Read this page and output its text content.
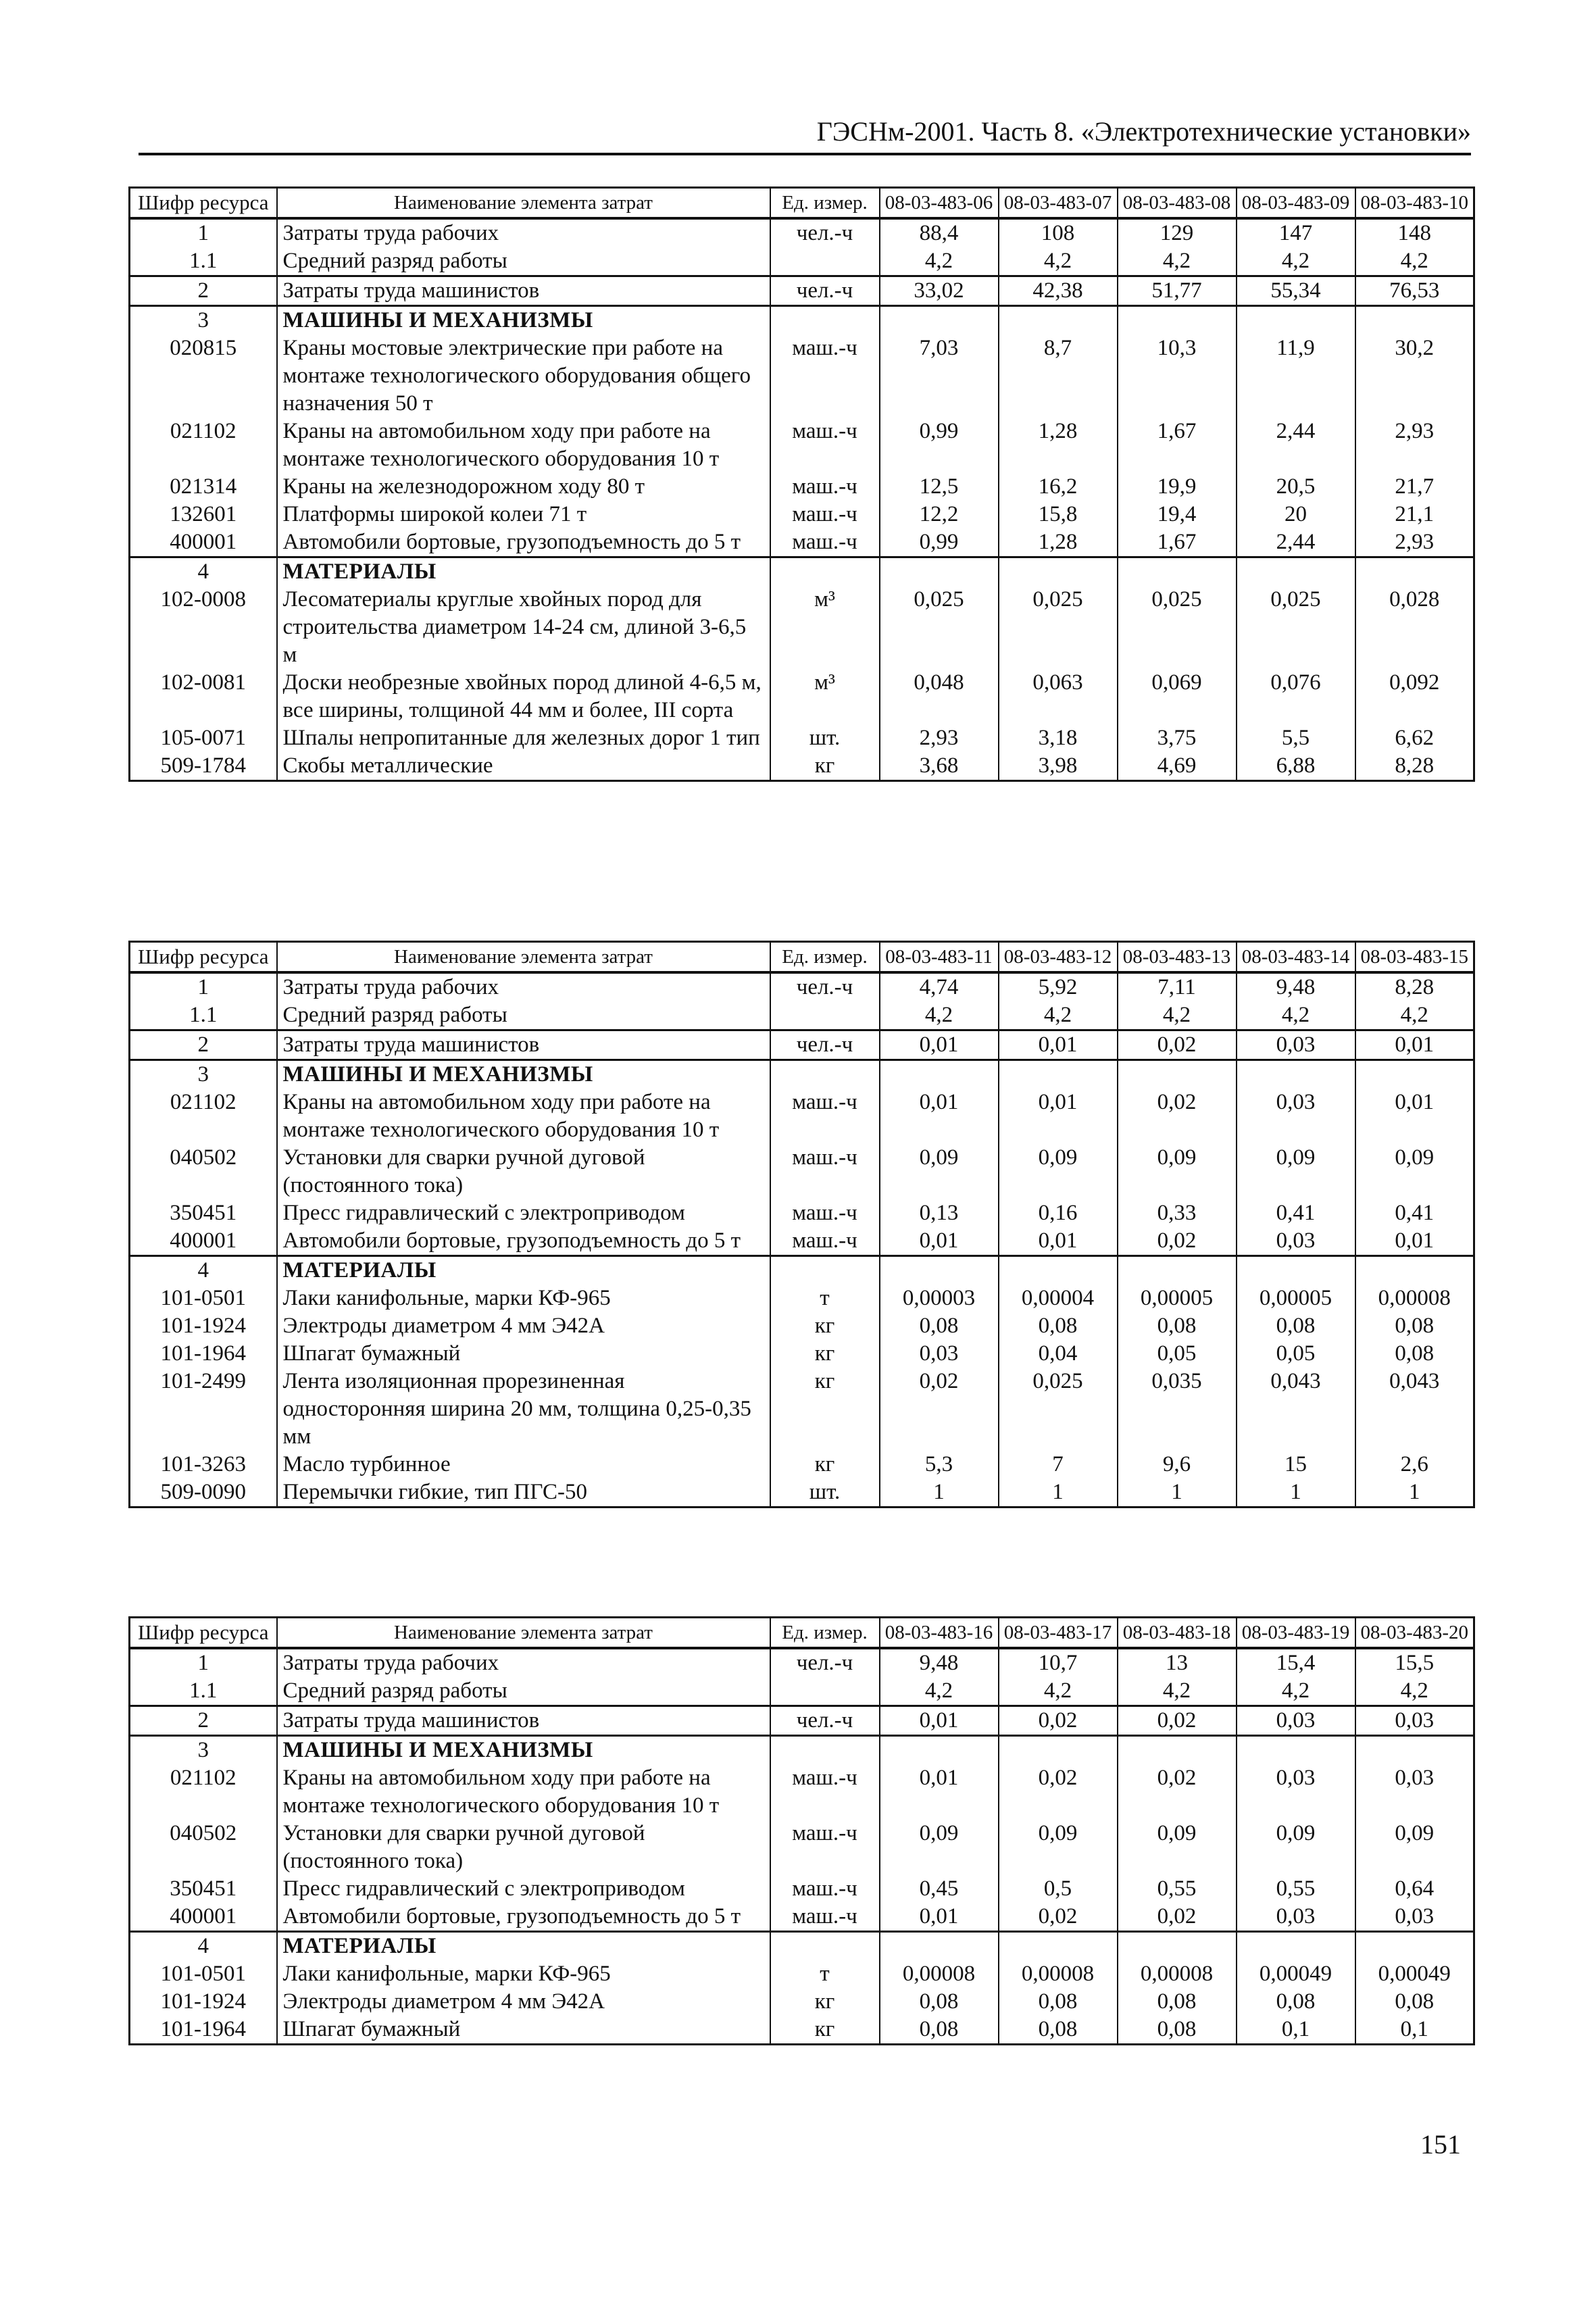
ГЭСНм-2001. Часть 8. «Электротехнические установки»
Шифр ресурса	Наименование элемента затрат	Ед. измер.	08-03-483-06	08-03-483-07	08-03-483-08	08-03-483-09	08-03-483-10
1	Затраты труда рабочих	чел.-ч	88,4	108	129	147	148
1.1	Средний разряд работы		4,2	4,2	4,2	4,2	4,2
2	Затраты труда машинистов	чел.-ч	33,02	42,38	51,77	55,34	76,53
3	МАШИНЫ И МЕХАНИЗМЫ						
020815	Краны мостовые электрические при работе на монтаже технологического оборудования общего назначения 50 т	маш.-ч	7,03	8,7	10,3	11,9	30,2
021102	Краны на автомобильном ходу при работе на монтаже технологического оборудования 10 т	маш.-ч	0,99	1,28	1,67	2,44	2,93
021314	Краны на железнодорожном ходу 80 т	маш.-ч	12,5	16,2	19,9	20,5	21,7
132601	Платформы широкой колеи 71 т	маш.-ч	12,2	15,8	19,4	20	21,1
400001	Автомобили бортовые, грузоподъемность до 5 т	маш.-ч	0,99	1,28	1,67	2,44	2,93
4	МАТЕРИАЛЫ						
102-0008	Лесоматериалы круглые хвойных пород для строительства диаметром 14-24 см, длиной 3-6,5 м	м³	0,025	0,025	0,025	0,025	0,028
102-0081	Доски необрезные хвойных пород длиной 4-6,5 м, все ширины, толщиной 44 мм и более, III сорта	м³	0,048	0,063	0,069	0,076	0,092
105-0071	Шпалы непропитанные для железных дорог 1 тип	шт.	2,93	3,18	3,75	5,5	6,62
509-1784	Скобы металлические	кг	3,68	3,98	4,69	6,88	8,28
Шифр ресурса	Наименование элемента затрат	Ед. измер.	08-03-483-11	08-03-483-12	08-03-483-13	08-03-483-14	08-03-483-15
1	Затраты труда рабочих	чел.-ч	4,74	5,92	7,11	9,48	8,28
1.1	Средний разряд работы		4,2	4,2	4,2	4,2	4,2
2	Затраты труда машинистов	чел.-ч	0,01	0,01	0,02	0,03	0,01
3	МАШИНЫ И МЕХАНИЗМЫ						
021102	Краны на автомобильном ходу при работе на монтаже технологического оборудования 10 т	маш.-ч	0,01	0,01	0,02	0,03	0,01
040502	Установки для сварки ручной дуговой (постоянного тока)	маш.-ч	0,09	0,09	0,09	0,09	0,09
350451	Пресс гидравлический с электроприводом	маш.-ч	0,13	0,16	0,33	0,41	0,41
400001	Автомобили бортовые, грузоподъемность до 5 т	маш.-ч	0,01	0,01	0,02	0,03	0,01
4	МАТЕРИАЛЫ						
101-0501	Лаки канифольные, марки КФ-965	т	0,00003	0,00004	0,00005	0,00005	0,00008
101-1924	Электроды диаметром 4 мм Э42А	кг	0,08	0,08	0,08	0,08	0,08
101-1964	Шпагат бумажный	кг	0,03	0,04	0,05	0,05	0,08
101-2499	Лента изоляционная прорезиненная односторонняя ширина 20 мм, толщина 0,25-0,35 мм	кг	0,02	0,025	0,035	0,043	0,043
101-3263	Масло турбинное	кг	5,3	7	9,6	15	2,6
509-0090	Перемычки гибкие, тип ПГС-50	шт.	1	1	1	1	1
Шифр ресурса	Наименование элемента затрат	Ед. измер.	08-03-483-16	08-03-483-17	08-03-483-18	08-03-483-19	08-03-483-20
1	Затраты труда рабочих	чел.-ч	9,48	10,7	13	15,4	15,5
1.1	Средний разряд работы		4,2	4,2	4,2	4,2	4,2
2	Затраты труда машинистов	чел.-ч	0,01	0,02	0,02	0,03	0,03
3	МАШИНЫ И МЕХАНИЗМЫ						
021102	Краны на автомобильном ходу при работе на монтаже технологического оборудования 10 т	маш.-ч	0,01	0,02	0,02	0,03	0,03
040502	Установки для сварки ручной дуговой (постоянного тока)	маш.-ч	0,09	0,09	0,09	0,09	0,09
350451	Пресс гидравлический с электроприводом	маш.-ч	0,45	0,5	0,55	0,55	0,64
400001	Автомобили бортовые, грузоподъемность до 5 т	маш.-ч	0,01	0,02	0,02	0,03	0,03
4	МАТЕРИАЛЫ						
101-0501	Лаки канифольные, марки КФ-965	т	0,00008	0,00008	0,00008	0,00049	0,00049
101-1924	Электроды диаметром 4 мм Э42А	кг	0,08	0,08	0,08	0,08	0,08
101-1964	Шпагат бумажный	кг	0,08	0,08	0,08	0,1	0,1
151
